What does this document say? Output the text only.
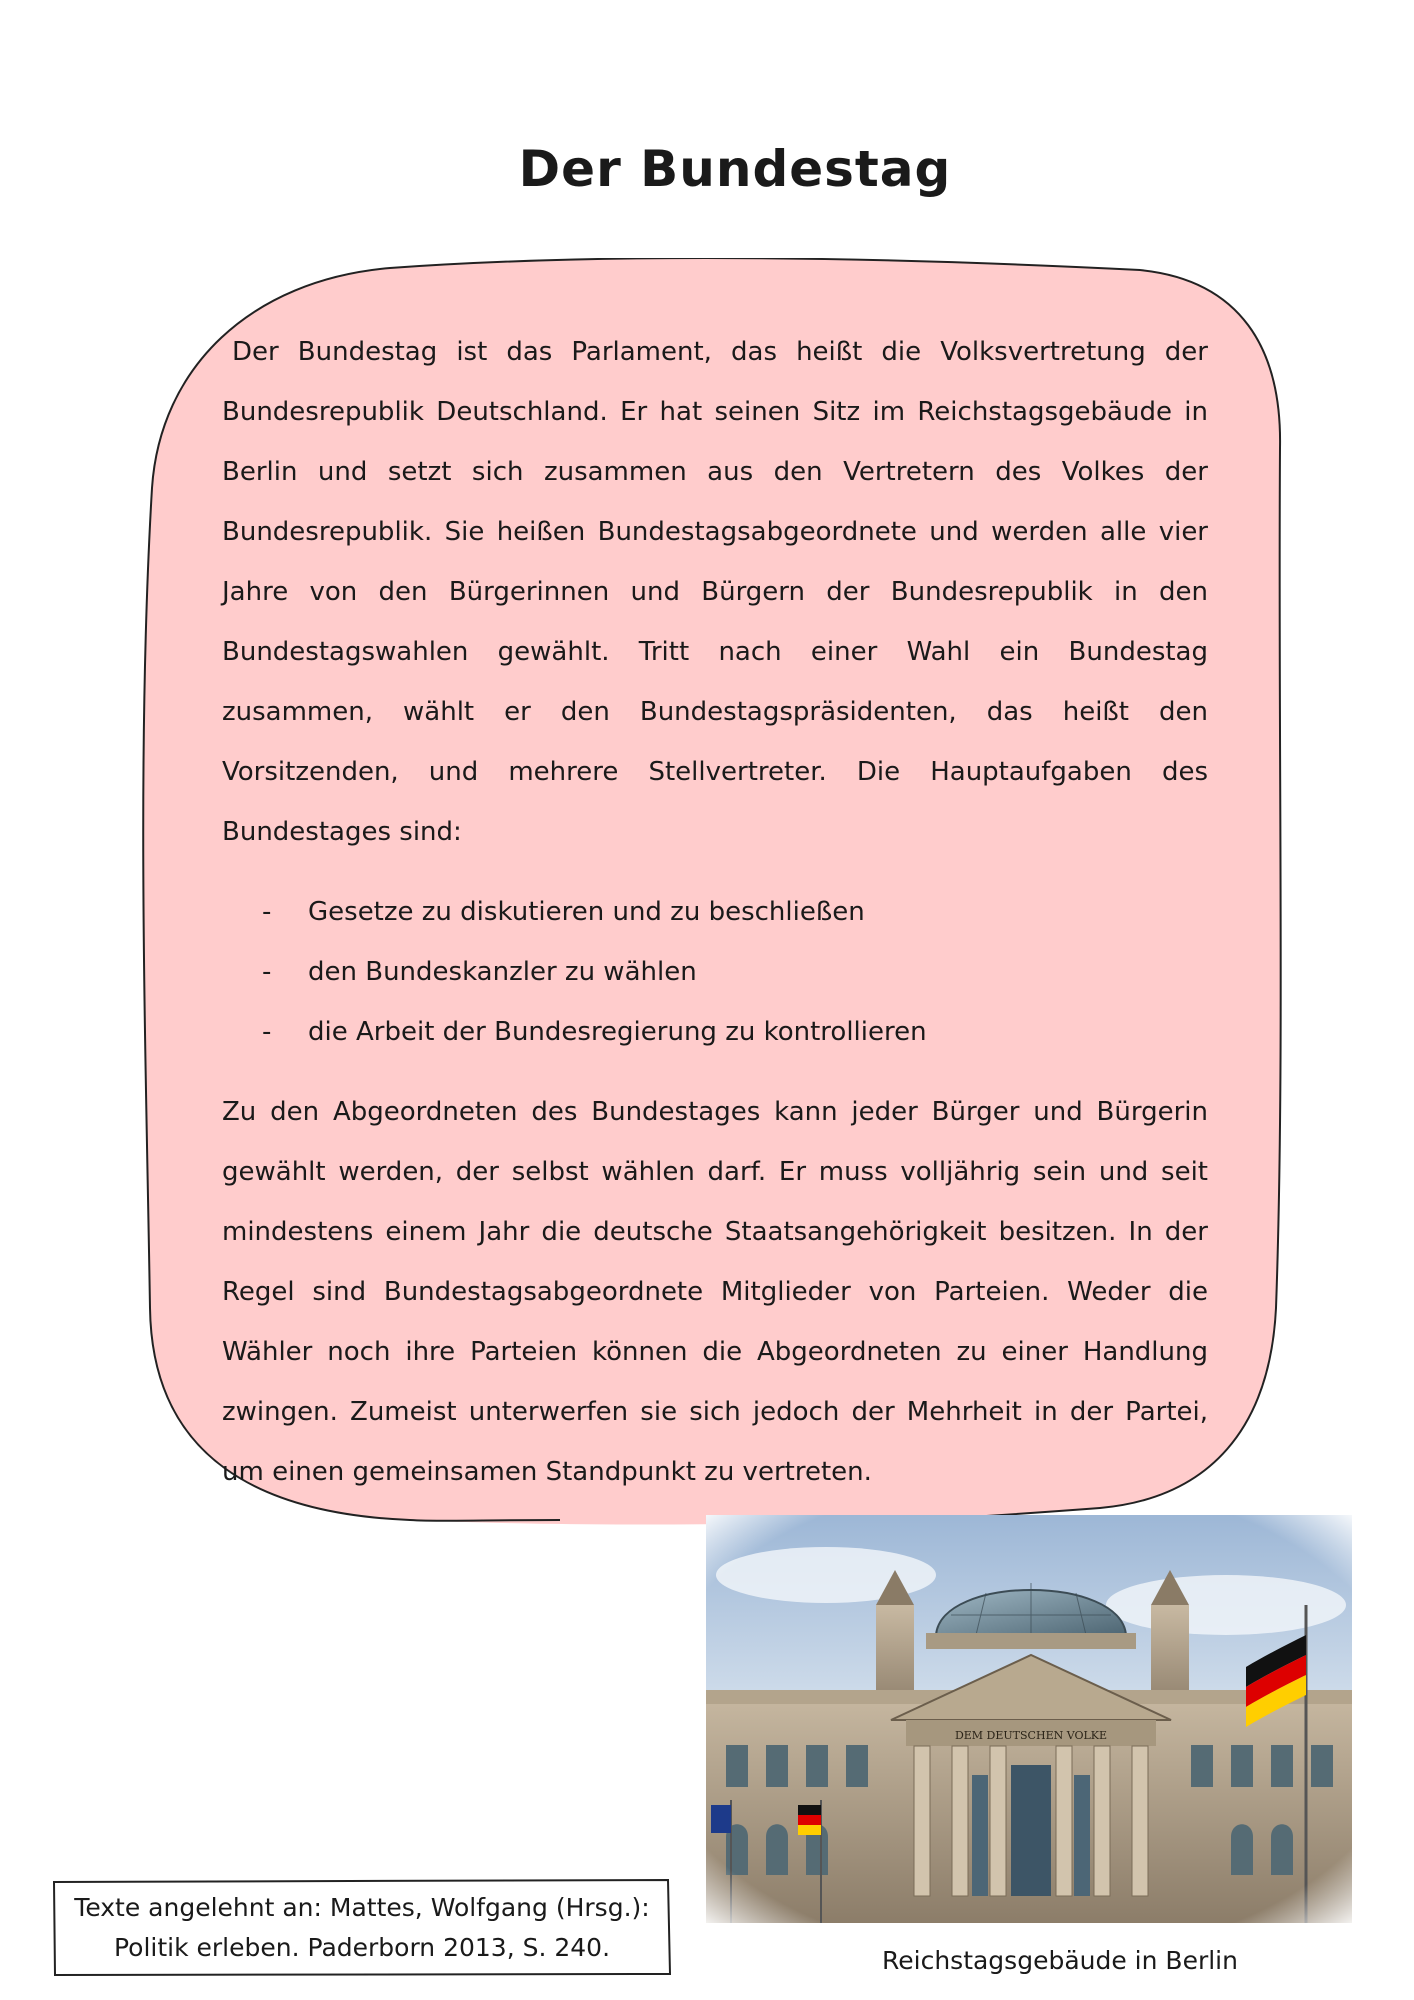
Der Bundestag

Der Bundestag ist das Parlament, das heißt die Volksvertretung der Bundesrepublik Deutschland. Er hat seinen Sitz im Reichstagsgebäude in Berlin und setzt sich zusammen aus den Vertretern des Volkes der Bundesrepublik. Sie heißen Bundestagsabgeordnete und werden alle vier Jahre von den Bürgerinnen und Bürgern der Bundesrepublik in den Bundestagswahlen gewählt. Tritt nach einer Wahl ein Bundestag zusammen, wählt er den Bundestagspräsidenten, das heißt den Vorsitzenden, und mehrere Stellvertreter. Die Hauptaufgaben des Bundestages sind:

- Gesetze zu diskutieren und zu beschließen
- den Bundeskanzler zu wählen
- die Arbeit der Bundesregierung zu kontrollieren

Zu den Abgeordneten des Bundestages kann jeder Bürger und Bürgerin gewählt werden, der selbst wählen darf. Er muss volljährig sein und seit mindestens einem Jahr die deutsche Staatsangehörigkeit besitzen. In der Regel sind Bundestagsabgeordnete Mitglieder von Parteien. Weder die Wähler noch ihre Parteien können die Abgeordneten zu einer Handlung zwingen. Zumeist unterwerfen sie sich jedoch der Mehrheit in der Partei, um einen gemeinsamen Standpunkt zu vertreten.

Reichstagsgebäude in Berlin
Texte angelehnt an: Mattes, Wolfgang (Hrsg.):
Politik erleben. Paderborn 2013, S. 240.
